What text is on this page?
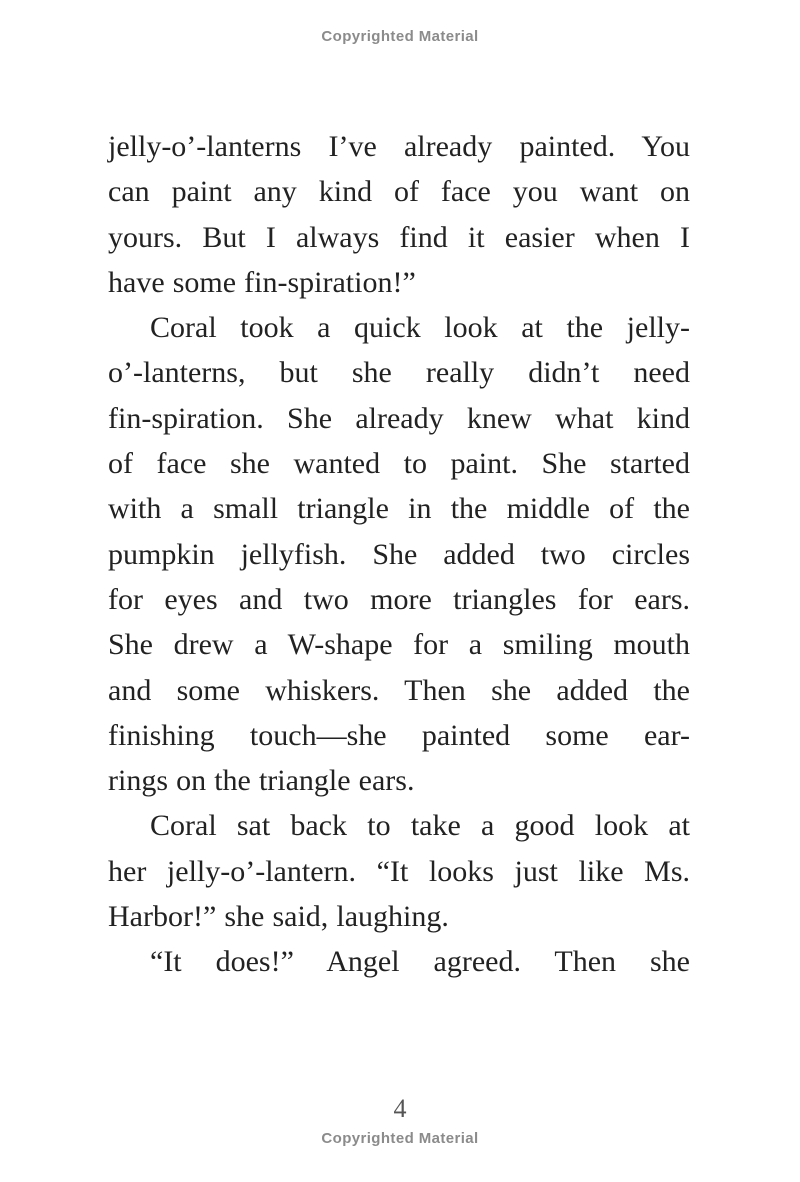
Copyrighted Material
jelly-o’-lanterns I’ve already painted. You
can paint any kind of face you want on
yours. But I always find it easier when I
have some fin-spiration!”
Coral took a quick look at the jelly-
o’-lanterns, but she really didn’t need
fin-spiration. She already knew what kind
of face she wanted to paint. She started
with a small triangle in the middle of the
pumpkin jellyfish. She added two circles
for eyes and two more triangles for ears.
She drew a W-shape for a smiling mouth
and some whiskers. Then she added the
finishing touch—she painted some ear-
rings on the triangle ears.
Coral sat back to take a good look at
her jelly-o’-lantern. “It looks just like Ms.
Harbor!” she said, laughing.
“It does!” Angel agreed. Then she
4
Copyrighted Material
